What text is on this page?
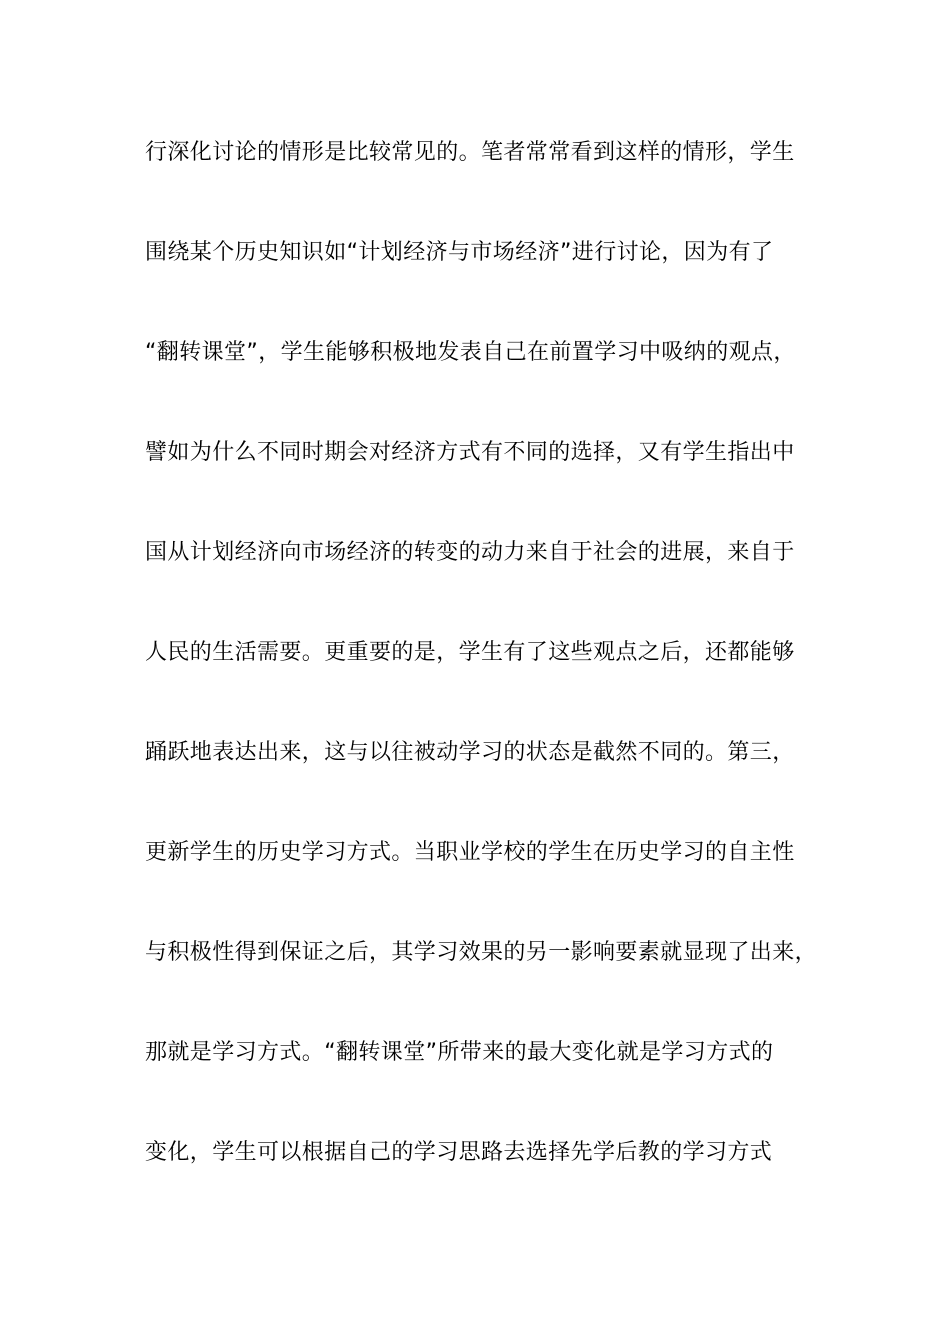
行深化讨论的情形是比较常见的。笔者常常看到这样的情形，学生
围绕某个历史知识如“计划经济与市场经济”进行讨论，因为有了
“翻转课堂”，学生能够积极地发表自己在前置学习中吸纳的观点，
譬如为什么不同时期会对经济方式有不同的选择，又有学生指出中
国从计划经济向市场经济的转变的动力来自于社会的进展，来自于
人民的生活需要。更重要的是，学生有了这些观点之后，还都能够
踊跃地表达出来，这与以往被动学习的状态是截然不同的。第三，
更新学生的历史学习方式。当职业学校的学生在历史学习的自主性
与积极性得到保证之后，其学习效果的另一影响要素就显现了出来，
那就是学习方式。“翻转课堂”所带来的最大变化就是学习方式的
变化，学生可以根据自己的学习思路去选择先学后教的学习方式
